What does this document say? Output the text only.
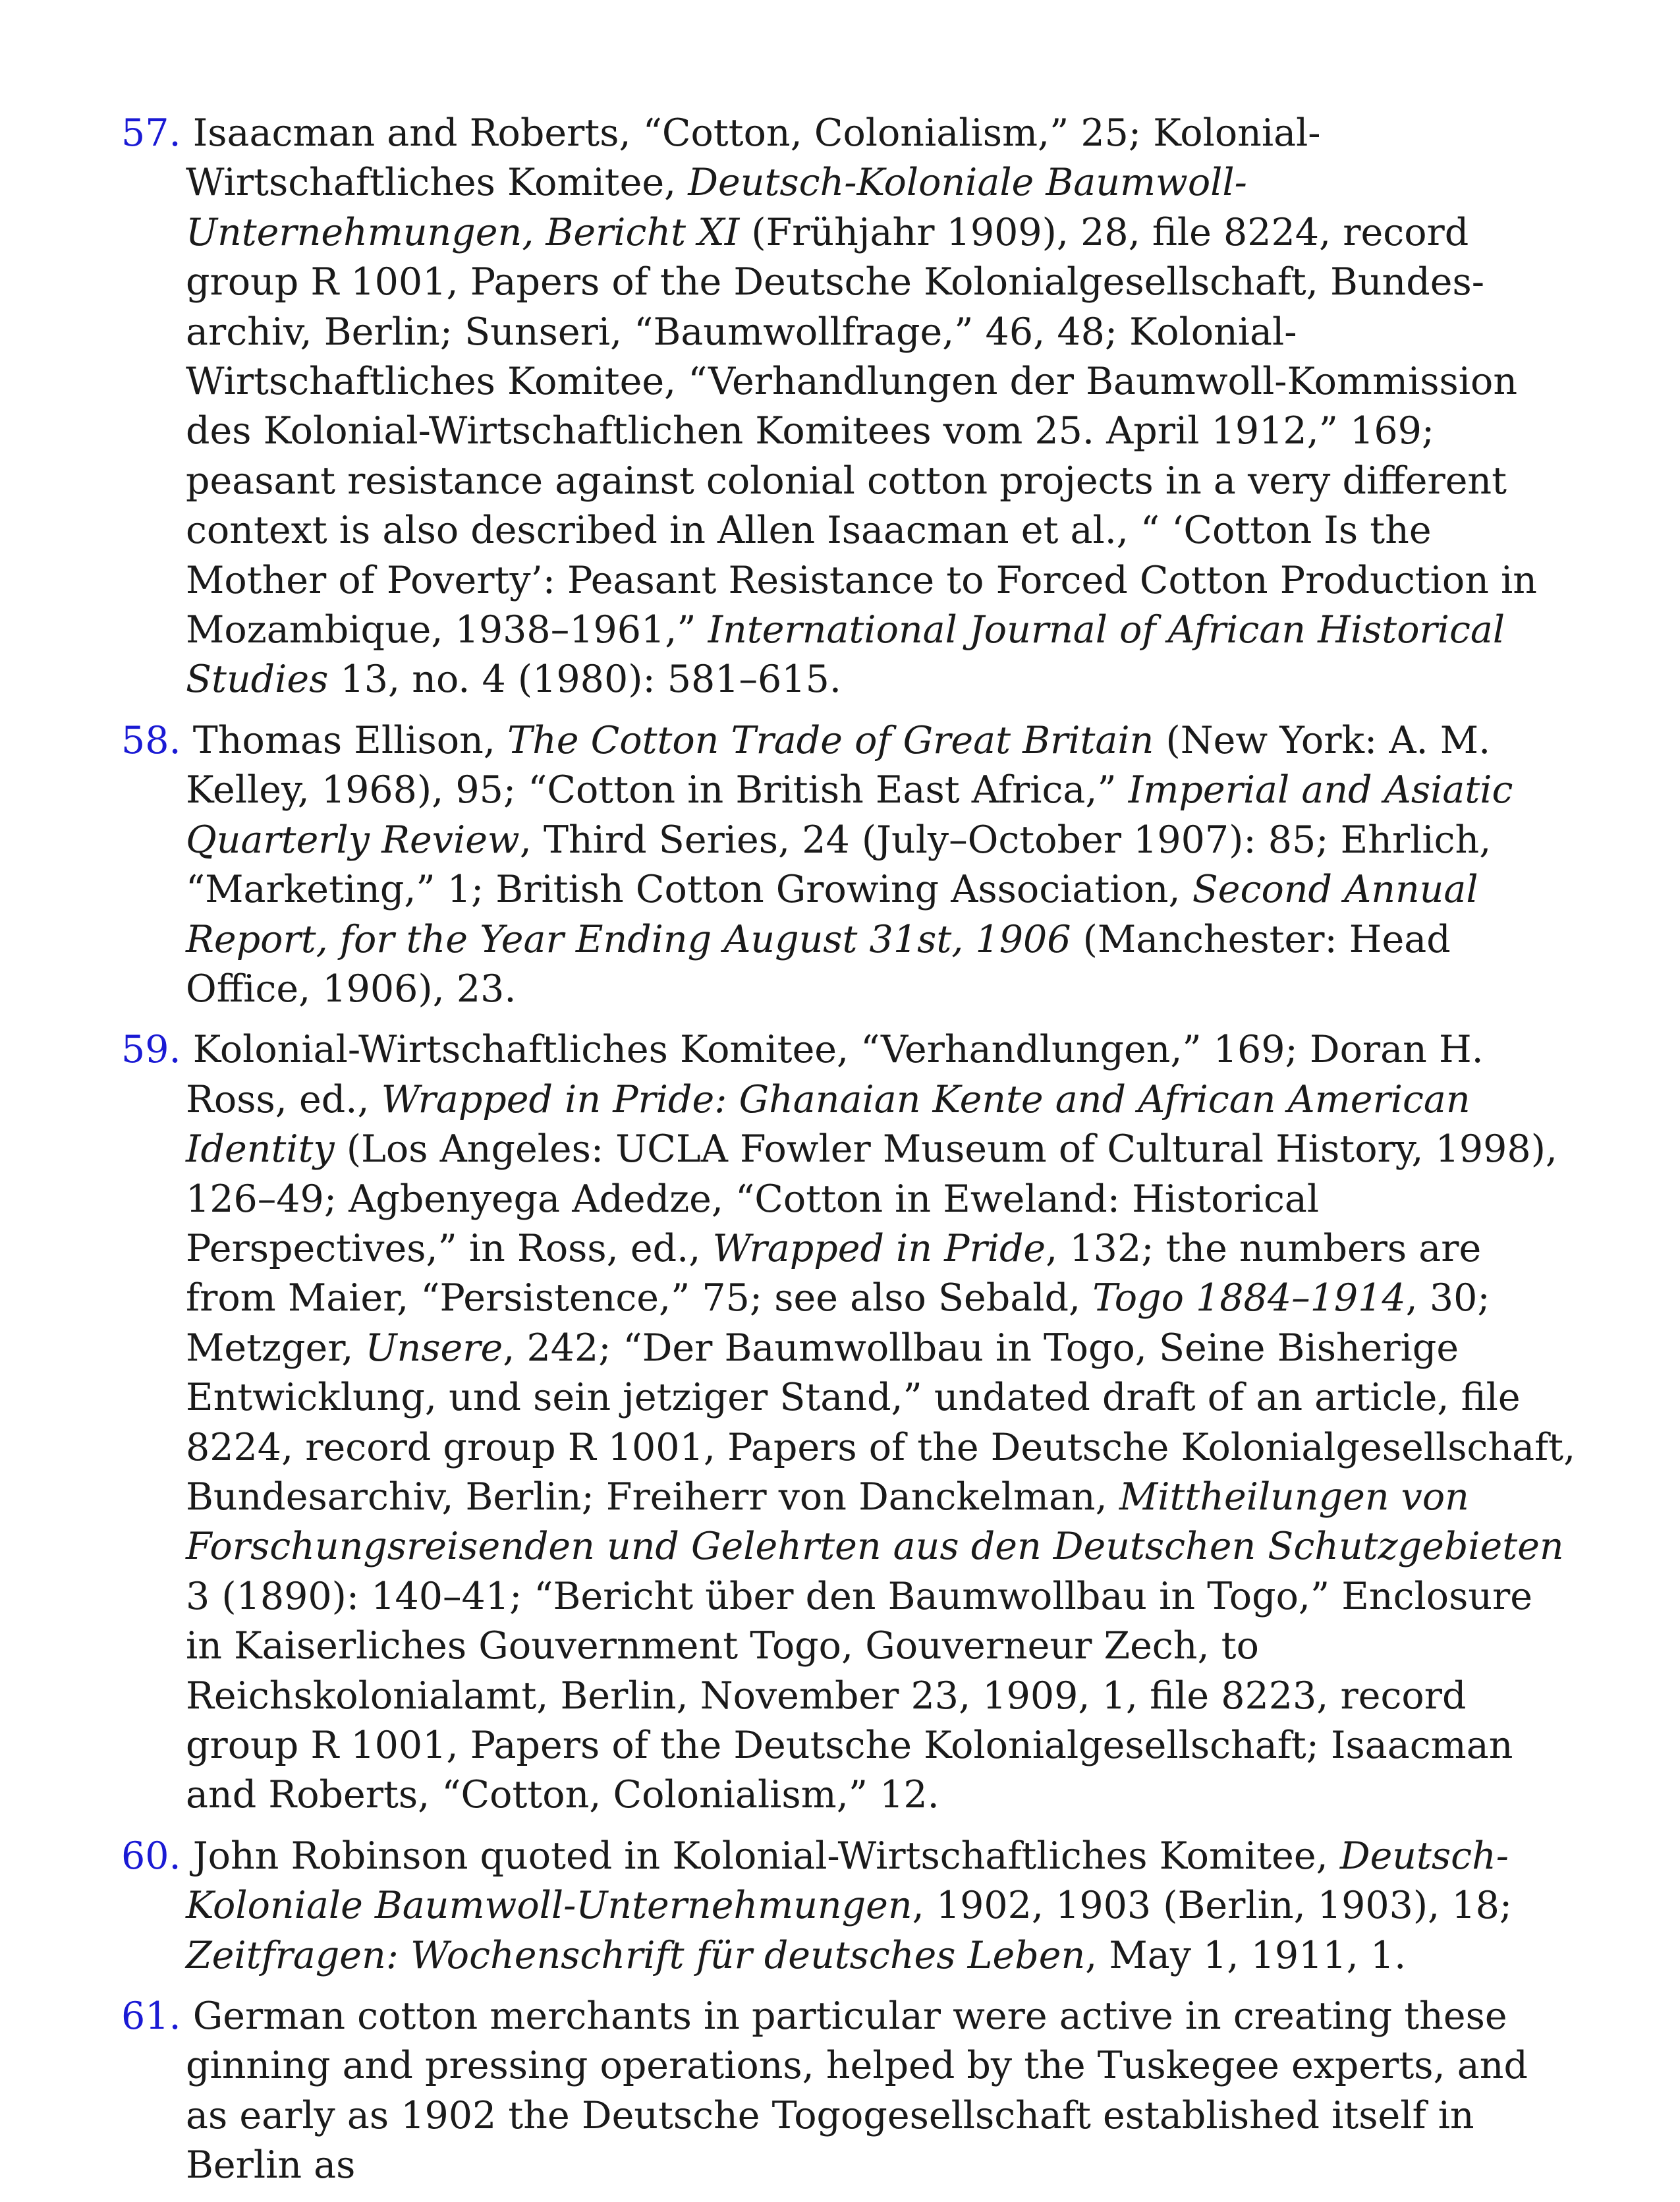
57. Isaacman and Roberts, “Cotton, Colonialism,” 25; Kolonial-Wirtschaftliches Komitee, Deutsch-Koloniale Baumwoll-Unternehmungen, Bericht XI (Frühjahr 1909), 28, file 8224, record group R 1001, Papers of the Deutsche Kolonialgesellschaft, Bundes-archiv, Berlin; Sunseri, “Baumwollfrage,” 46, 48; Kolonial-Wirtschaftliches Komitee, “Verhandlungen der Baumwoll-Kommission des Kolonial-Wirtschaftlichen Komitees vom 25. April 1912,” 169; peasant resistance against colonial cotton projects in a very different context is also described in Allen Isaacman et al., “ ‘Cotton Is the Mother of Poverty’: Peasant Resistance to Forced Cotton Production in Mozambique, 1938–1961,” International Journal of African Historical Studies 13, no. 4 (1980): 581–615.

58. Thomas Ellison, The Cotton Trade of Great Britain (New York: A. M. Kelley, 1968), 95; “Cotton in British East Africa,” Imperial and Asiatic Quarterly Review, Third Series, 24 (July–October 1907): 85; Ehrlich, “Marketing,” 1; British Cotton Growing Association, Second Annual Report, for the Year Ending August 31st, 1906 (Manchester: Head Office, 1906), 23.

59. Kolonial-Wirtschaftliches Komitee, “Verhandlungen,” 169; Doran H. Ross, ed., Wrapped in Pride: Ghanaian Kente and African American Identity (Los Angeles: UCLA Fowler Museum of Cultural History, 1998), 126–49; Agbenyega Adedze, “Cotton in Eweland: Historical Perspectives,” in Ross, ed., Wrapped in Pride, 132; the numbers are from Maier, “Persistence,” 75; see also Sebald, Togo 1884–1914, 30; Metzger, Unsere, 242; “Der Baumwollbau in Togo, Seine Bisherige Entwicklung, und sein jetziger Stand,” undated draft of an article, file 8224, record group R 1001, Papers of the Deutsche Kolonialgesellschaft, Bundesarchiv, Berlin; Freiherr von Danckelman, Mittheilungen von Forschungsreisenden und Gelehrten aus den Deutschen Schutzgebieten 3 (1890): 140–41; “Bericht über den Baumwollbau in Togo,” Enclosure in Kaiserliches Gouvernment Togo, Gouverneur Zech, to Reichskolonialamt, Berlin, November 23, 1909, 1, file 8223, record group R 1001, Papers of the Deutsche Kolonialgesellschaft; Isaacman and Roberts, “Cotton, Colonialism,” 12.

60. John Robinson quoted in Kolonial-Wirtschaftliches Komitee, Deutsch-Koloniale Baumwoll-Unternehmungen, 1902, 1903 (Berlin, 1903), 18; Zeitfragen: Wochenschrift für deutsches Leben, May 1, 1911, 1.

61. German cotton merchants in particular were active in creating these ginning and pressing operations, helped by the Tuskegee experts, and as early as 1902 the Deutsche Togogesellschaft established itself in Berlin as
